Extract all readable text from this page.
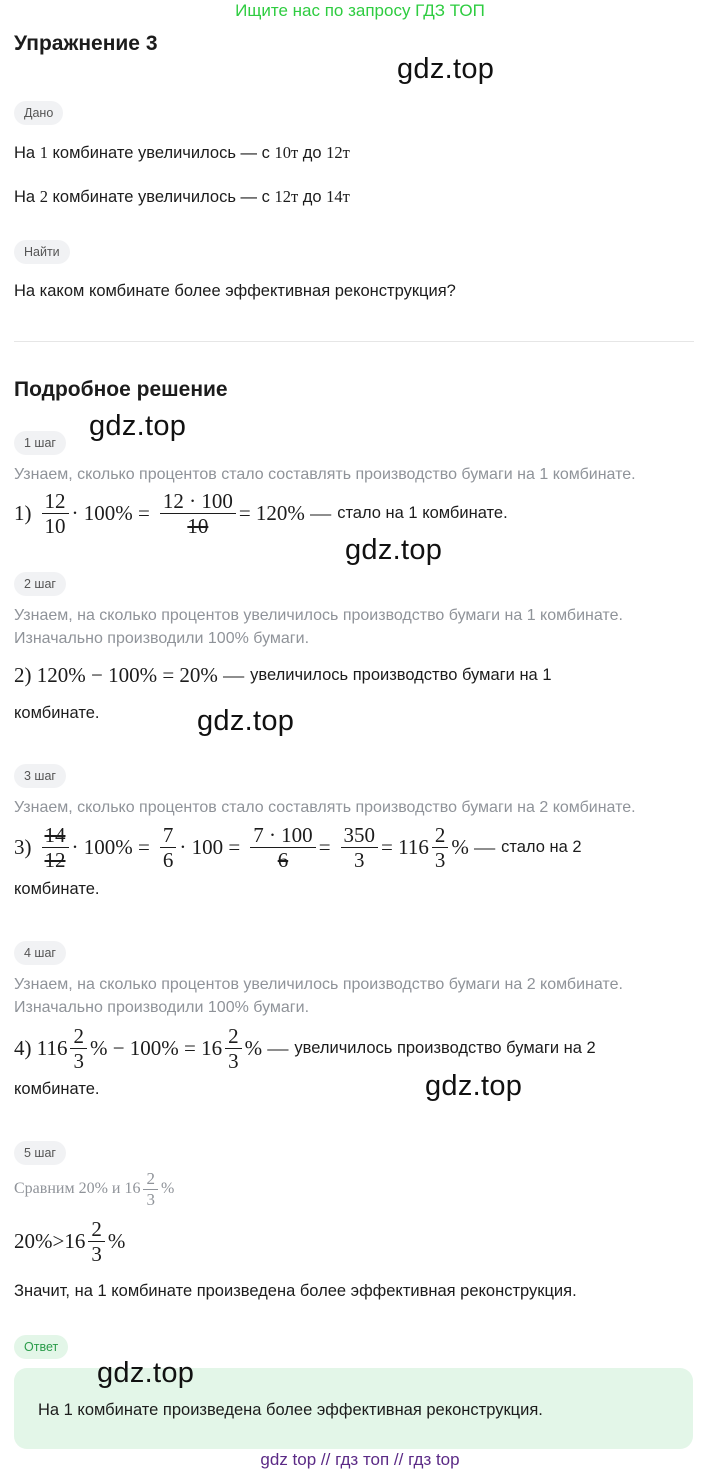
Ищите нас по запросу ГДЗ ТОП
Упражнение 3
gdz.top
Дано
На 1 комбинате увеличилось — с 10т до 12т
На 2 комбинате увеличилось — с 12т до 14т
Найти
На каком комбинате более эффективная реконструкция?
Подробное решение
gdz.top
1 шаг
Узнаем, сколько процентов стало составлять производство бумаги на 1 комбинате.
$1) \frac{12}{10} \cdot 100\% = \frac{12 \cdot 100}{10} = 120\%$ — стало на 1 комбинате.
gdz.top
2 шаг
Узнаем, на сколько процентов увеличилось производство бумаги на 1 комбинате.
Изначально производили 100% бумаги.
2) 120% − 100% = 20% — увеличилось производство бумаги на 1
комбинате.	gdz.top
3 шаг
Узнаем, сколько процентов стало составлять производство бумаги на 2 комбинате.
$3) \frac{14}{12} \cdot 100\% = \frac{7}{6} \cdot 100 = \frac{7 \cdot 100}{6} = \frac{350}{3} = 116 \frac{2}{3}$ % — стало на 2
комбинате.
4 шаг
Узнаем, на сколько процентов увеличилось производство бумаги на 2 комбинате.
Изначально производили 100% бумаги.
4) $116 \frac{2}{3}$ % − $100\% = 16 \frac{2}{3}$ % — увеличилось производство бумаги на 2
комбинате.	gdz.top
5 шаг
Сравним 20% и $16 \frac{2}{3}$ %
$20\%>16 \frac{2}{3}$ %
Значит, на 1 комбинате произведена более эффективная реконструкция.
Ответ
На 1 комбинате произведена более эффективная реконструкция.
gdz.top
gdz top // гдз топ // гдз top
